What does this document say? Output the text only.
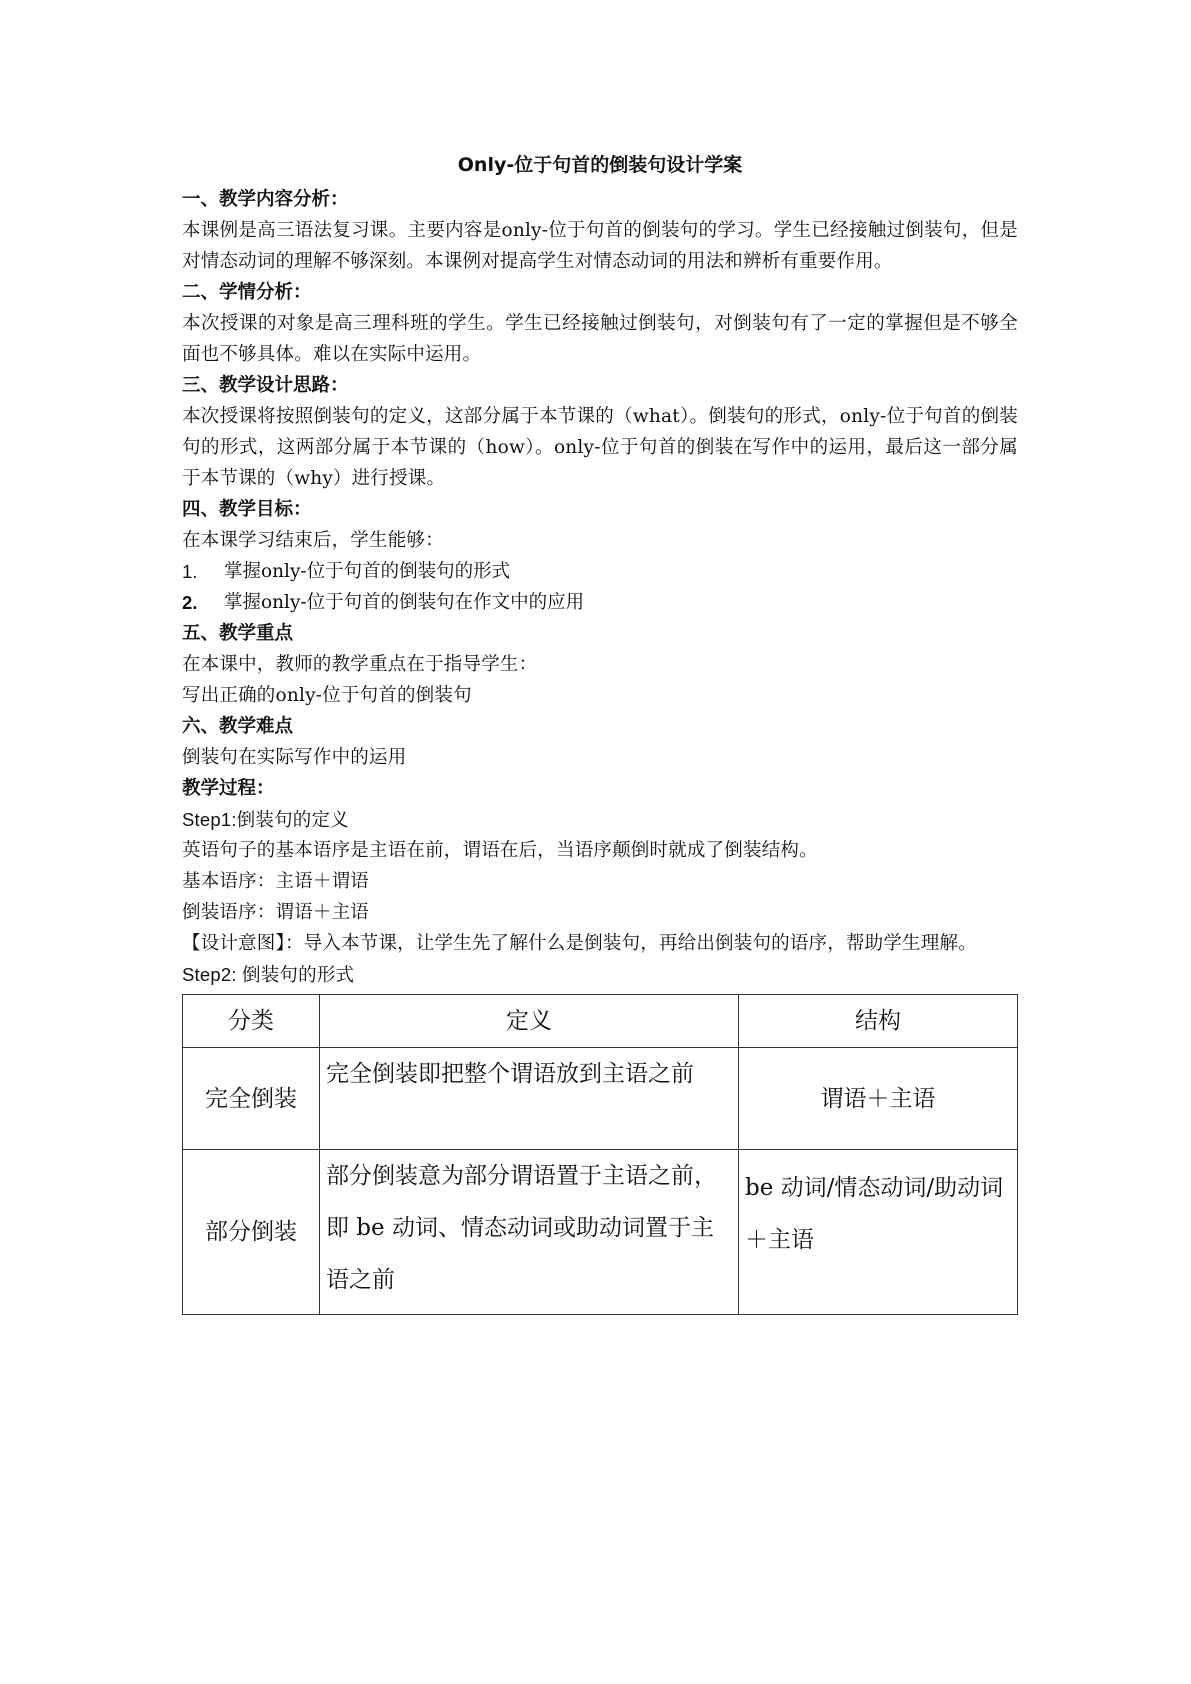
Only-位于句首的倒装句设计学案
一、教学内容分析：
本课例是高三语法复习课。主要内容是only-位于句首的倒装句的学习。学生已经接触过倒装句，但是对情态动词的理解不够深刻。本课例对提高学生对情态动词的用法和辨析有重要作用。
二、学情分析：
本次授课的对象是高三理科班的学生。学生已经接触过倒装句，对倒装句有了一定的掌握但是不够全面也不够具体。难以在实际中运用。
三、教学设计思路：
本次授课将按照倒装句的定义，这部分属于本节课的（what）。倒装句的形式，only-位于句首的倒装句的形式，这两部分属于本节课的（how）。only-位于句首的倒装在写作中的运用，最后这一部分属于本节课的（why）进行授课。
四、教学目标：
在本课学习结束后，学生能够：
1.	掌握only-位于句首的倒装句的形式
2.	掌握only-位于句首的倒装句在作文中的应用
五、教学重点
在本课中，教师的教学重点在于指导学生：
写出正确的only-位于句首的倒装句
六、教学难点
倒装句在实际写作中的运用
教学过程：
Step1:倒装句的定义
英语句子的基本语序是主语在前，谓语在后，当语序颠倒时就成了倒装结构。
基本语序：主语＋谓语
倒装语序：谓语＋主语
【设计意图】：导入本节课，让学生先了解什么是倒装句，再给出倒装句的语序，帮助学生理解。
Step2: 倒装句的形式
分类	定义	结构
完全倒装	完全倒装即把整个谓语放到主语之前	谓语＋主语
部分倒装	部分倒装意为部分谓语置于主语之前，即 be 动词、情态动词或助动词置于主语之前	be 动词/情态动词/助动词＋主语
